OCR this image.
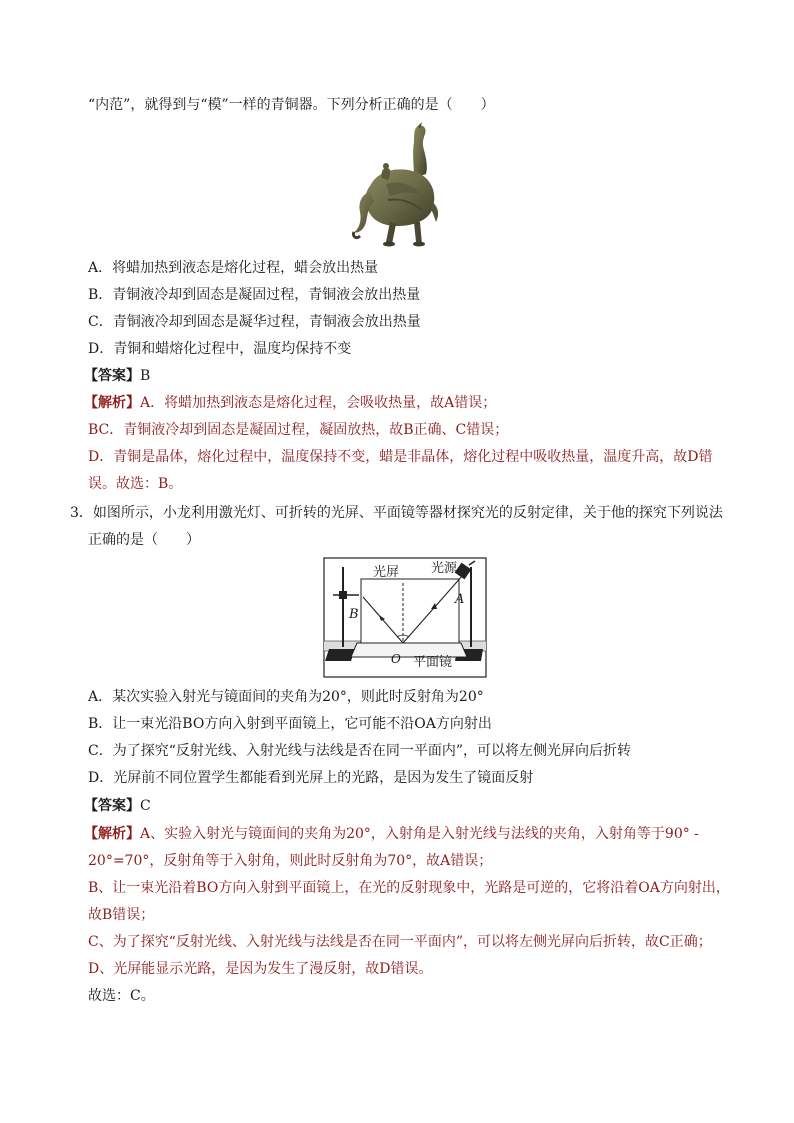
“内范”，就得到与“模”一样的青铜器。下列分析正确的是（　　）
A．将蜡加热到液态是熔化过程，蜡会放出热量
B．青铜液冷却到固态是凝固过程，青铜液会放出热量
C．青铜液冷却到固态是凝华过程，青铜液会放出热量
D．青铜和蜡熔化过程中，温度均保持不变
【答案】B
【解析】A．将蜡加热到液态是熔化过程，会吸收热量，故A错误；
BC．青铜液冷却到固态是凝固过程，凝固放热，故B正确、C错误；
D．青铜是晶体，熔化过程中，温度保持不变，蜡是非晶体，熔化过程中吸收热量，温度升高，故D错
误。故选：B。
3．如图所示，小龙利用激光灯、可折转的光屏、平面镜等器材探究光的反射定律，关于他的探究下列说法
正确的是（　　）
光屏 光源
A
B
O 平面镜
A．某次实验入射光与镜面间的夹角为20°，则此时反射角为20°
B．让一束光沿BO方向入射到平面镜上，它可能不沿OA方向射出
C．为了探究“反射光线、入射光线与法线是否在同一平面内”，可以将左侧光屏向后折转
D．光屏前不同位置学生都能看到光屏上的光路，是因为发生了镜面反射
【答案】C
【解析】A、实验入射光与镜面间的夹角为20°，入射角是入射光线与法线的夹角，入射角等于90° -
20°=70°，反射角等于入射角，则此时反射角为70°，故A错误；
B、让一束光沿着BO方向入射到平面镜上，在光的反射现象中，光路是可逆的，它将沿着OA方向射出，
故B错误；
C、为了探究“反射光线、入射光线与法线是否在同一平面内”，可以将左侧光屏向后折转，故C正确；
D、光屏能显示光路，是因为发生了漫反射，故D错误。
故选：C。
